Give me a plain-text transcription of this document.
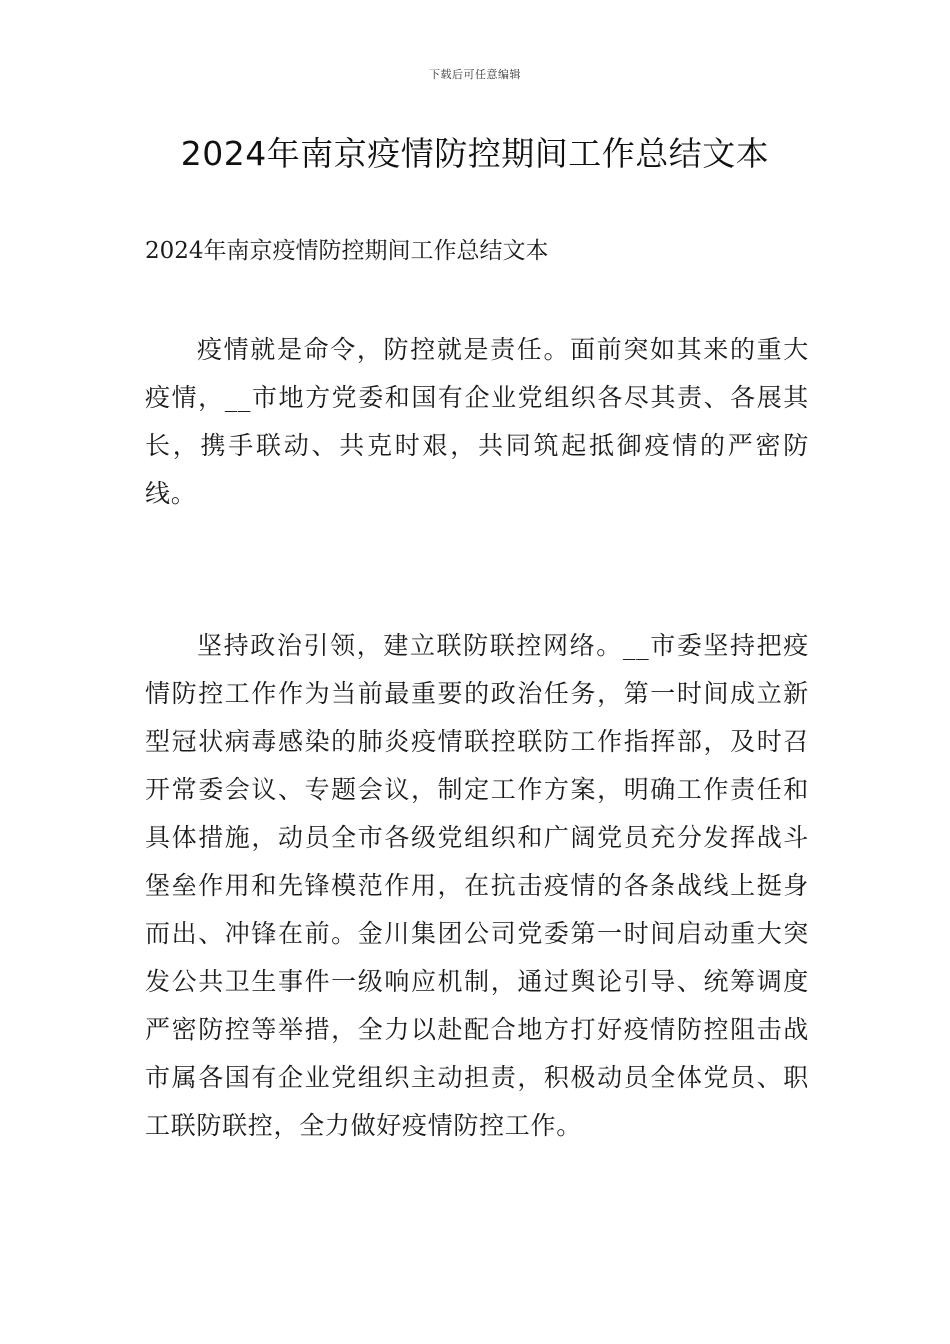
下载后可任意编辑
2024年南京疫情防控期间工作总结文本

2024年南京疫情防控期间工作总结文本

疫情就是命令，防控就是责任。面前突如其来的重大疫情，__市地方党委和国有企业党组织各尽其责、各展其长，携手联动、共克时艰，共同筑起抵御疫情的严密防线。

坚持政治引领，建立联防联控网络。__市委坚持把疫情防控工作作为当前最重要的政治任务，第一时间成立新型冠状病毒感染的肺炎疫情联控联防工作指挥部，及时召开常委会议、专题会议，制定工作方案，明确工作责任和具体措施，动员全市各级党组织和广阔党员充分发挥战斗堡垒作用和先锋模范作用，在抗击疫情的各条战线上挺身而出、冲锋在前。金川集团公司党委第一时间启动重大突发公共卫生事件一级响应机制，通过舆论引导、统筹调度严密防控等举措，全力以赴配合地方打好疫情防控阻击战市属各国有企业党组织主动担责，积极动员全体党员、职工联防联控，全力做好疫情防控工作。
